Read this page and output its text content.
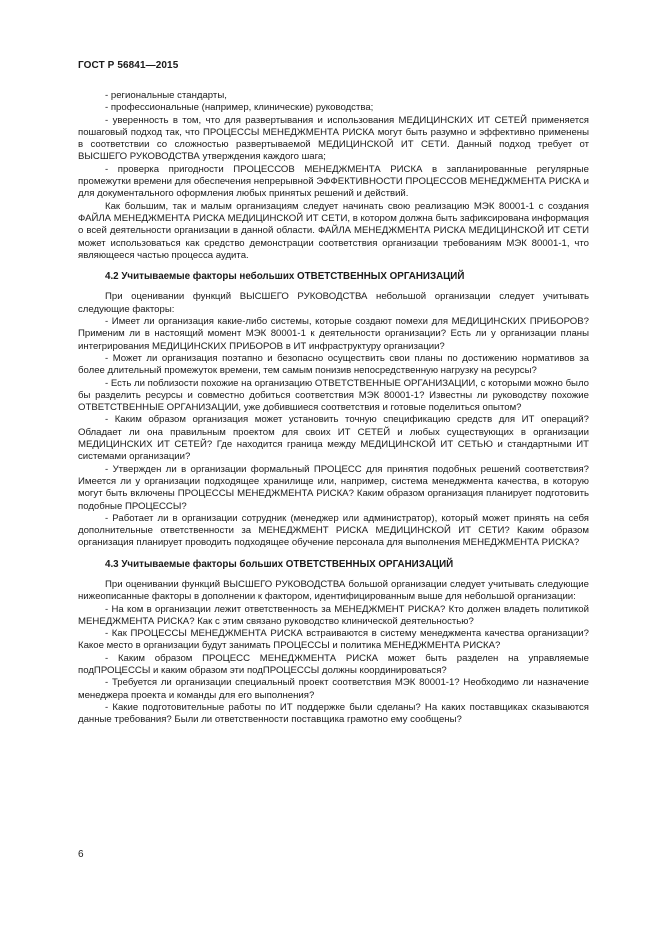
ГОСТ Р 56841—2015

- региональные стандарты,

- профессиональные (например, клинические) руководства;

- уверенность в том, что для развертывания и использования МЕДИЦИНСКИХ ИТ СЕТЕЙ применяется пошаговый подход так, что ПРОЦЕССЫ МЕНЕДЖМЕНТА РИСКА могут быть разумно и эффективно применены в соответствии со сложностью развертываемой МЕДИЦИНСКОЙ ИТ СЕТИ. Данный подход требует от ВЫСШЕГО РУКОВОДСТВА утверждения каждого шага;

- проверка пригодности ПРОЦЕССОВ МЕНЕДЖМЕНТА РИСКА в запланированные регулярные промежутки времени для обеспечения непрерывной ЭФФЕКТИВНОСТИ ПРОЦЕССОВ МЕНЕДЖМЕНТА РИСКА и для документального оформления любых принятых решений и действий.

Как большим, так и малым организациям следует начинать свою реализацию МЭК 80001-1 с создания ФАЙЛА МЕНЕДЖМЕНТА РИСКА МЕДИЦИНСКОЙ ИТ СЕТИ, в котором должна быть зафиксирована информация о всей деятельности организации в данной области. ФАЙЛА МЕНЕДЖМЕНТА РИСКА МЕДИЦИНСКОЙ ИТ СЕТИ может использоваться как средство демонстрации соответствия организации требованиям МЭК 80001-1, что являющееся частью процесса аудита.

4.2 Учитываемые факторы небольших ОТВЕТСТВЕННЫХ ОРГАНИЗАЦИЙ

При оценивании функций ВЫСШЕГО РУКОВОДСТВА небольшой организации следует учитывать следующие факторы:

- Имеет ли организация какие-либо системы, которые создают помехи для МЕДИЦИНСКИХ ПРИБОРОВ? Применим ли в настоящий момент МЭК 80001-1 к деятельности организации? Есть ли у организации планы интегрирования МЕДИЦИНСКИХ ПРИБОРОВ в ИТ инфраструктуру организации?

- Может ли организация поэтапно и безопасно осуществить свои планы по достижению нормативов за более длительный промежуток времени, тем самым понизив непосредственную нагрузку на ресурсы?

- Есть ли поблизости похожие на организацию ОТВЕТСТВЕННЫЕ ОРГАНИЗАЦИИ, с которыми можно было бы разделить ресурсы и совместно добиться соответствия МЭК 80001-1? Известны ли руководству похожие ОТВЕТСТВЕННЫЕ ОРГАНИЗАЦИИ, уже добившиеся соответствия и готовые поделиться опытом?

- Каким образом организация может установить точную спецификацию средств для ИТ операций? Обладает ли она правильным проектом для своих ИТ СЕТЕЙ и любых существующих в организации МЕДИЦИНСКИХ ИТ СЕТЕЙ? Где находится граница между МЕДИЦИНСКОЙ ИТ СЕТЬЮ и стандартными ИТ системами организации?

- Утвержден ли в организации формальный ПРОЦЕСС для принятия подобных решений соответствия? Имеется ли у организации подходящее хранилище или, например, система менеджмента качества, в которую могут быть включены ПРОЦЕССЫ МЕНЕДЖМЕНТА РИСКА? Каким образом организация планирует подготовить подобные ПРОЦЕССЫ?

- Работает ли в организации сотрудник (менеджер или администратор), который может принять на себя дополнительные ответственности за МЕНЕДЖМЕНТ РИСКА МЕДИЦИНСКОЙ ИТ СЕТИ? Каким образом организация планирует проводить подходящее обучение персонала для выполнения МЕНЕДЖМЕНТА РИСКА?

4.3 Учитываемые факторы больших ОТВЕТСТВЕННЫХ ОРГАНИЗАЦИЙ

При оценивании функций ВЫСШЕГО РУКОВОДСТВА большой организации следует учитывать следующие нижеописанные факторы в дополнении к фактором, идентифицированным выше для небольшой организации:

- На ком в организации лежит ответственность за МЕНЕДЖМЕНТ РИСКА? Кто должен владеть политикой МЕНЕДЖМЕНТА РИСКА? Как с этим связано руководство клинической деятельностью?

- Как ПРОЦЕССЫ МЕНЕДЖМЕНТА РИСКА встраиваются в систему менеджмента качества организации? Какое место в организации будут занимать ПРОЦЕССЫ и политика МЕНЕДЖМЕНТА РИСКА?

- Каким образом ПРОЦЕСС МЕНЕДЖМЕНТА РИСКА может быть разделен на управляемые подПРОЦЕССЫ и каким образом эти подПРОЦЕССЫ должны координироваться?

- Требуется ли организации специальный проект соответствия МЭК 80001-1? Необходимо ли назначение менеджера проекта и команды для его выполнения?

- Какие подготовительные работы по ИТ поддержке были сделаны? На каких поставщиках сказываются данные требования? Были ли ответственности поставщика грамотно ему сообщены?

6
